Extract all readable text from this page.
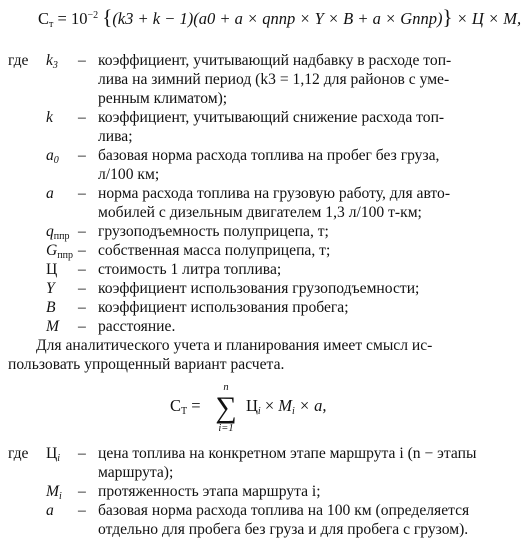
$С_т = 10^{-2}$ {(k3 + k − 1)(a0 + a × qппр × Y × B + a × Gппр)} × Ц × M,
где $k_3$ – коэффициент, учитывающий надбавку в расходе топ-
лива на зимний период (k3 = 1,12 для районов с уме-
ренным климатом);
k – коэффициент, учитывающий снижение расхода топ-
лива;
$a_0$ – базовая норма расхода топлива на пробег без груза,
л/100 км;
a – норма расхода топлива на грузовую работу, для авто-
мобилей с дизельным двигателем 1,3 л/100 т-км;
$q_{ппр}$ – грузоподъемность полуприцепа, т;
$G_{ппр}$ – собственная масса полуприцепа, т;
Ц – стоимость 1 литра топлива;
Y – коэффициент использования грузоподъемности;
B – коэффициент использования пробега;
M – расстояние.
Для аналитического учета и планирования имеет смысл ис-
пользовать упрощенный вариант расчета.
$С_Т$ =
n
∑
i=1
$Ц_i \times M_i \times a$,
где $Ц_i$ – цена топлива на конкретном этапе маршрута i (n − этапы
маршрута);
$M_i$ – протяженность этапа маршрута i;
a – базовая норма расхода топлива на 100 км (определяется
отдельно для пробега без груза и для пробега с грузом).
